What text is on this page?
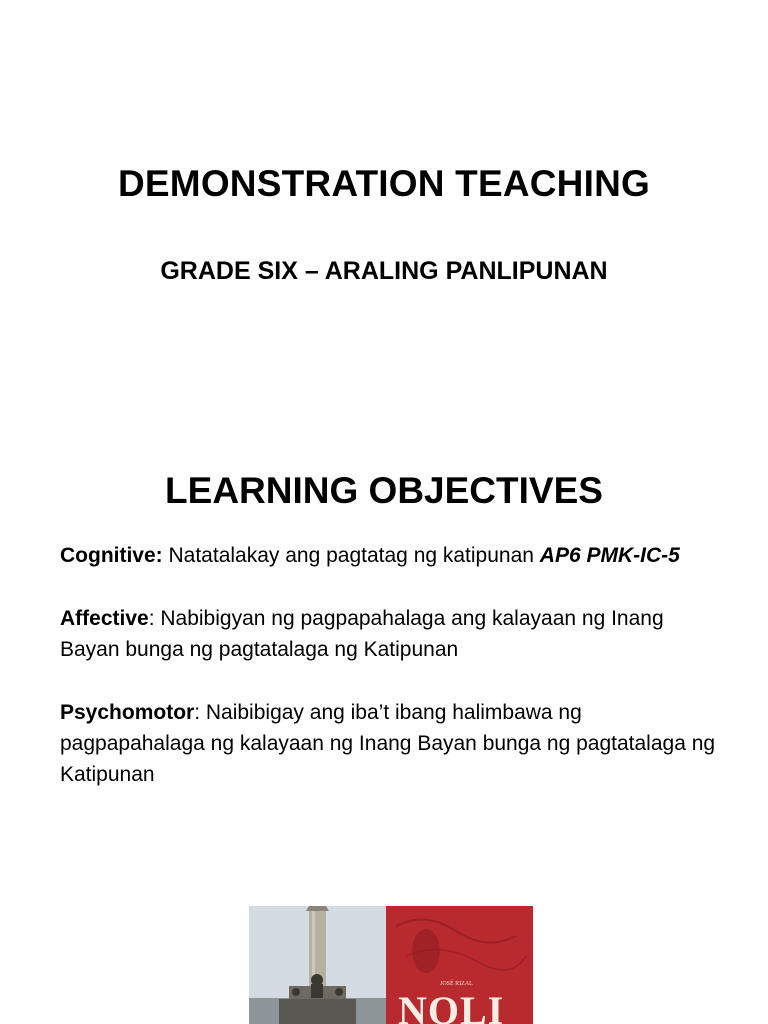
DEMONSTRATION TEACHING
GRADE SIX – ARALING PANLIPUNAN
LEARNING OBJECTIVES

Cognitive: Natatalakay ang pagtatag ng katipunan AP6 PMK-IC-5

Affective: Nabibigyan ng pagpapahalaga ang kalayaan ng Inang Bayan bunga ng pagtatalaga ng Katipunan

Psychomotor: Naibibigay ang iba’t ibang halimbawa ng pagpapahalaga ng kalayaan ng Inang Bayan bunga ng pagtatalaga ng Katipunan

JOSÉ RIZAL
NOLI
